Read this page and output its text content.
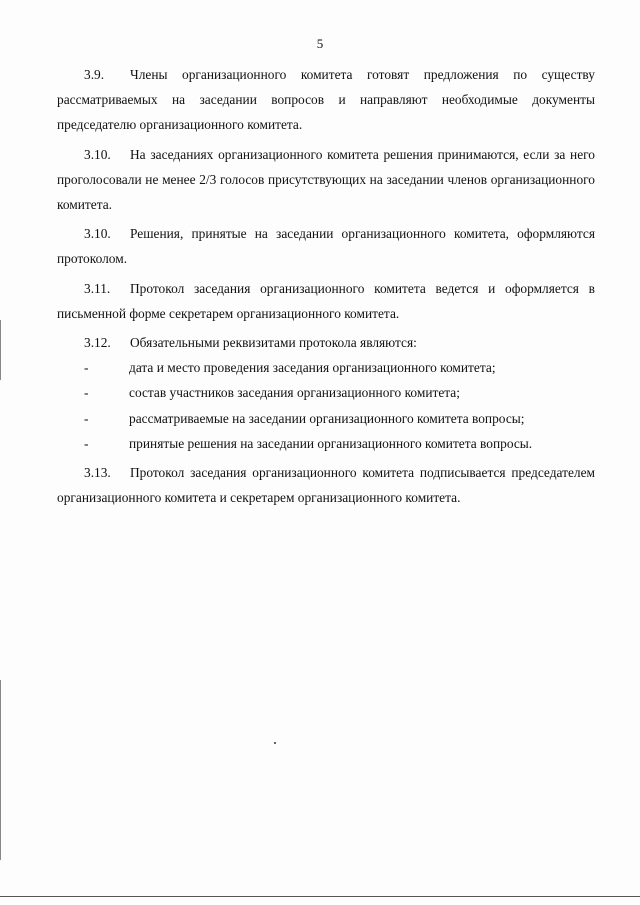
5

3.9. Члены организационного комитета готовят предложения по существу рассматриваемых на заседании вопросов и направляют необходимые документы председателю организационного комитета.

3.10. На заседаниях организационного комитета решения принимаются, если за него проголосовали не менее 2/3 голосов присутствующих на заседании членов организационного комитета.

3.10. Решения, принятые на заседании организационного комитета, оформляются протоколом.

3.11. Протокол заседания организационного комитета ведется и оформляется в письменной форме секретарем организационного комитета.

3.12. Обязательными реквизитами протокола являются:

-	дата и место проведения заседания организационного комитета;
-	состав участников заседания организационного комитета;
-	рассматриваемые на заседании организационного комитета вопросы;
-	принятые решения на заседании организационного комитета вопросы.

3.13. Протокол заседания организационного комитета подписывается председателем организационного комитета и секретарем организационного комитета.
